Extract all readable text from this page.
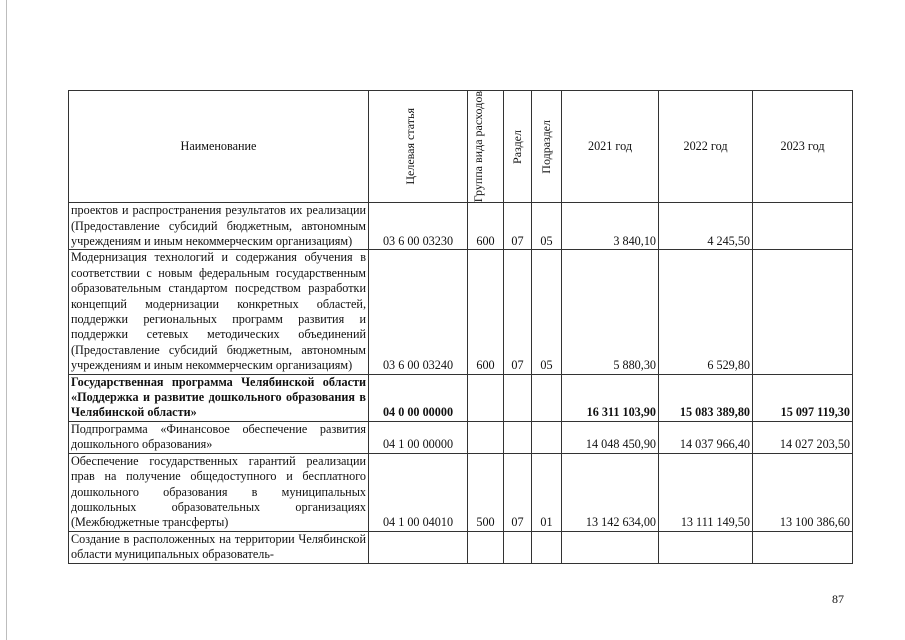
Наименование	Целевая статья	Группа вида расходов	Раздел	Подраздел	2021 год	2022 год	2023 год
проектов и распространения результатов их реализации (Предоставление субсидий бюджетным, автономным учреждениям и иным некоммерческим организациям)	03 6 00 03230	600	07	05	3 840,10	4 245,50	
Модернизация технологий и содержания обучения в соответствии с новым федеральным государственным образовательным стандартом посредством разработки концепций модернизации конкретных областей, поддержки региональных программ развития и поддержки сетевых методических объединений (Предоставление субсидий бюджетным, автономным учреждениям и иным некоммерческим организациям)	03 6 00 03240	600	07	05	5 880,30	6 529,80	
Государственная программа Челябинской области «Поддержка и развитие дошкольного образования в Челябинской области»	04 0 00 00000				16 311 103,90	15 083 389,80	15 097 119,30
Подпрограмма «Финансовое обеспечение развития дошкольного образования»	04 1 00 00000				14 048 450,90	14 037 966,40	14 027 203,50
Обеспечение государственных гарантий реализации прав на получение общедоступного и бесплатного дошкольного образования в муниципальных дошкольных образовательных организациях (Межбюджетные трансферты)	04 1 00 04010	500	07	01	13 142 634,00	13 111 149,50	13 100 386,60
Создание в расположенных на территории Челябинской области муниципальных образователь-							
87
